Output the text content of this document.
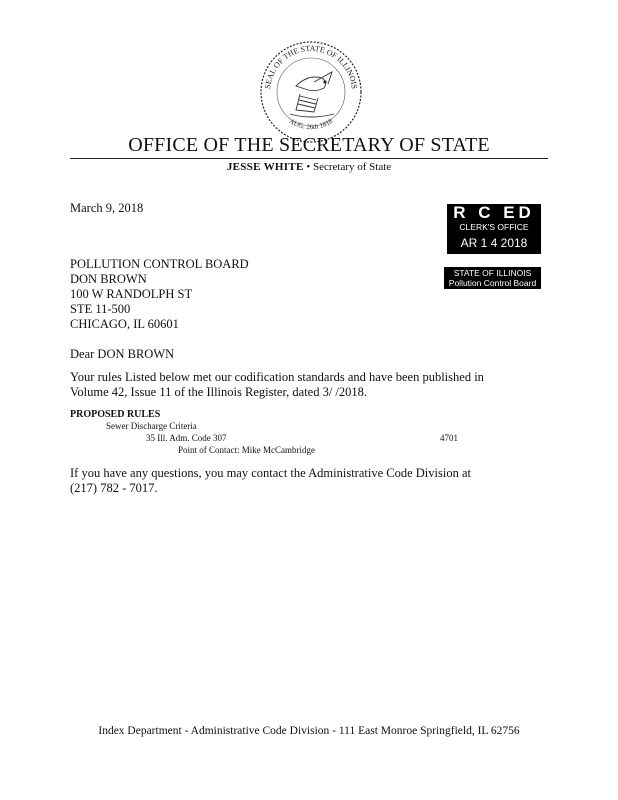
SEAL OF THE STATE OF ILLINOIS
AUG. 26th 1818
OFFICE OF THE SECRETARY OF STATE
JESSE WHITE • Secretary of State
March 9, 2018
POLLUTION CONTROL BOARD
DON BROWN
100 W RANDOLPH ST
STE 11-500
CHICAGO, IL 60601
Dear DON BROWN
Your rules Listed below met our codification standards and have been published in Volume 42, Issue 11 of the Illinois Register, dated 3/ /2018.
PROPOSED RULES
Sewer Discharge Criteria
35 Ill. Adm. Code 307	4701
Point of Contact: Mike McCambridge
If you have any questions, you may contact the Administrative Code Division at (217) 782 - 7017.
R C ED
CLERK'S OFFICE
AR 1 4 2018
STATE OF ILLINOIS
Pollution Control Board
Index Department - Administrative Code Division - 111 East Monroe Springfield, IL 62756
